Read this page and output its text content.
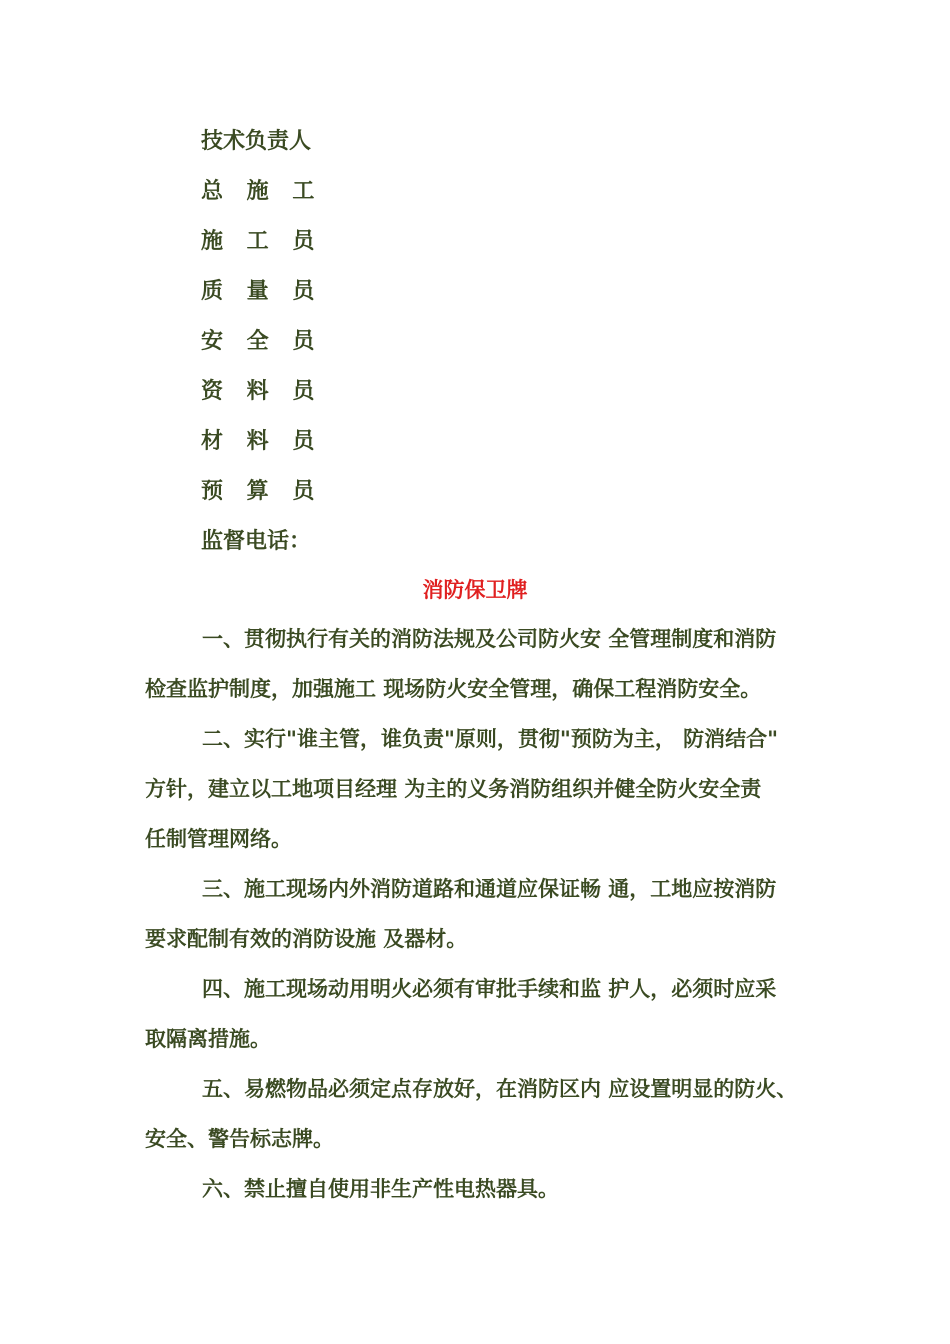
技术负责人
总 施 工
施 工 员
质 量 员
安 全 员
资 料 员
材 料 员
预 算 员
监督电话：
消防保卫牌

一、贯彻执行有关的消防法规及公司防火安 全管理制度和消防
检查监护制度，加强施工 现场防火安全管理，确保工程消防安全。

二、实行"谁主管，谁负责"原则，贯彻"预防为主， 防消结合"
方针，建立以工地项目经理 为主的义务消防组织并健全防火安全责
任制管理网络。

三、施工现场内外消防道路和通道应保证畅 通，工地应按消防
要求配制有效的消防设施 及器材。

四、施工现场动用明火必须有审批手续和监 护人，必须时应采
取隔离措施。

五、易燃物品必须定点存放好，在消防区内 应设置明显的防火、
安全、警告标志牌。

六、禁止擅自使用非生产性电热器具。
